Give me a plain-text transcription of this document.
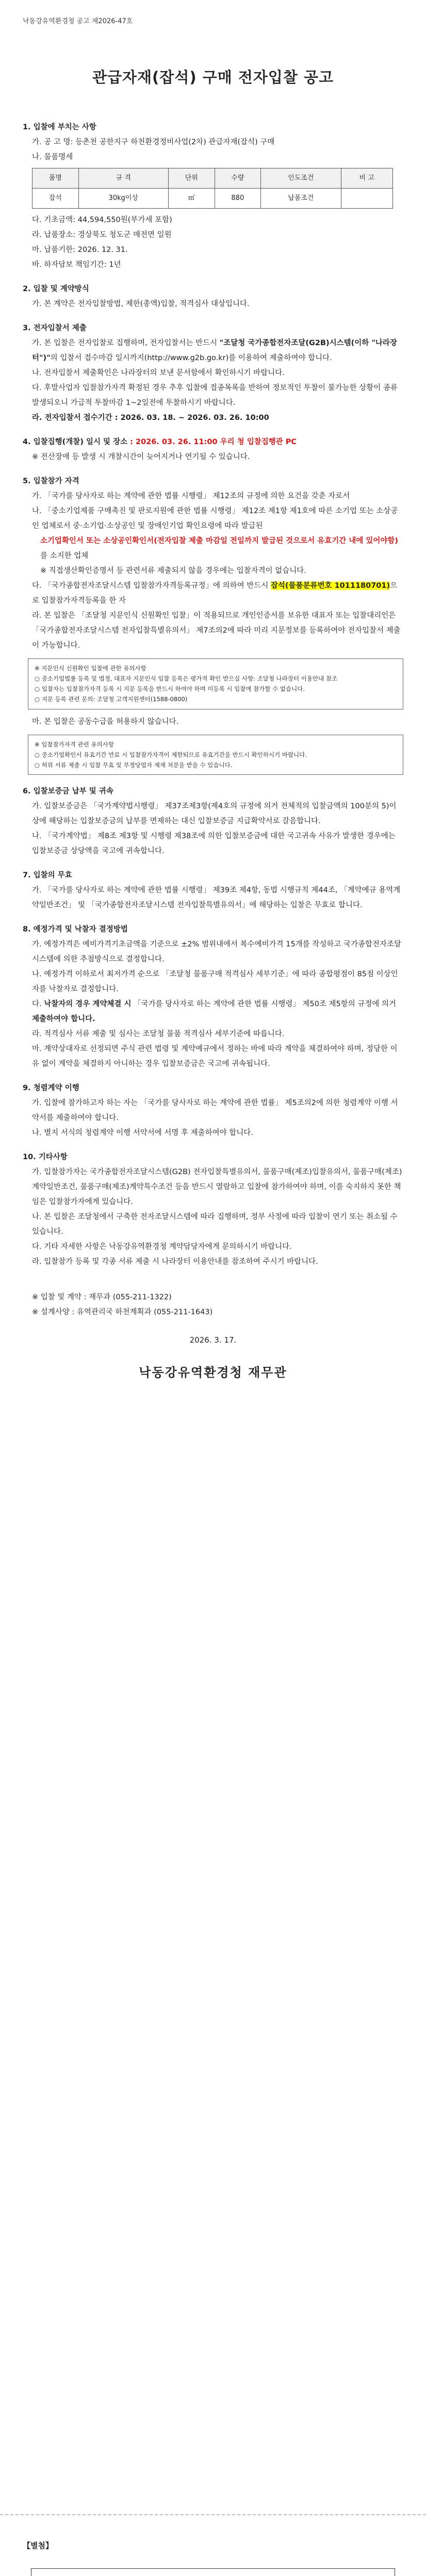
낙동강유역환경청 공고 제2026-47호
관급자재(잡석) 구매 전자입찰 공고
1. 입찰에 부치는 사항
가. 공 고 명: 등촌천 공한지구 하천환경정비사업(2차) 관급자재(잡석) 구매
나. 물품명세
품명	규 격	단위	수량	인도조건	비 고
잡석	30kg이상	㎥	880	납품조건	
다. 기초금액: 44,594,550원(부가세 포함)
라. 납품장소: 경상북도 청도군 매전면 일원
마. 납품기한: 2026. 12. 31.
바. 하자담보 책임기간: 1년
2. 입찰 및 계약방식
가. 본 계약은 전자입찰방법, 제한(총액)입찰, 적격심사 대상입니다.
3. 전자입찰서 제출
가. 본 입찰은 전자입찰로 집행하며, 전자입찰서는 반드시 "조달청 국가종합전자조달(G2B)시스템(이하 "나라장터")"의 입찰서 접수마감 일시까지(http://www.g2b.go.kr)를 이용하여 제출하여야 합니다.
나. 전자입찰서 제출확인은 나라장터의 보낸 문서함에서 확인하시기 바랍니다.
다. 후발사업자 입찰참가자격 확정된 경우 추후 입찰에 접종목록을 반하여 정보적인 투찰이 불가능한 상황이 종류 발생되오니 가급적 투찰마감 1~2일전에 투찰하시기 바랍니다.
라. 전자입찰서 접수기간 : 2026. 03. 18. ~ 2026. 03. 26. 10:00
4. 입찰집행(개찰) 일시 및 장소 : 2026. 03. 26. 11:00 우리 청 입찰집행관 PC
※ 전산장애 등 발생 시 개찰시간이 늦어지거나 연기될 수 있습니다.
5. 입찰참가 자격
가. 「국가를 당사자로 하는 계약에 관한 법률 시행령」 제12조의 규정에 의한 요건을 갖춘 자로서
나. 「중소기업제품 구매촉진 및 판로지원에 관한 법률 시행령」 제12조 제1항 제1호에 따른 소기업 또는 소상공인 업체로서 중·소기업·소상공인 및 장애인기업 확인요령에 따라 발급된
소기업확인서 또는 소상공인확인서(전자입찰 제출 마감일 전일까지 발급된 것으로서 유효기간 내에 있어야함)를 소지한 업체
※ 직접생산확인증명서 등 관련서류 제출되지 않을 경우에는 입찰자격이 없습니다.
다. 「국가종합전자조달시스템 입찰참가자격등록규정」에 의하여 반드시 잡석(물품분류번호 1011180701)으로 입찰참가자격등록을 한 자
라. 본 입찰은 「조달청 지문인식 신원확인 입찰」이 적용되므로 개인인증서를 보유한 대표자 또는 입찰대리인은 「국가종합전자조달시스템 전자입찰특별유의서」 제7조의2에 따라 미리 지문정보를 등록하여야 전자입찰서 제출이 가능합니다.
※ 지문인식 신원확인 입찰에 관한 유의사항
○ 중소기업법률 등록 및 법정, 대표자 지문인식 입찰 등록은 평가적 확인 받으실 사항: 조달청 나라장터 이용안내 참조
○ 입찰자는 입찰참가자격 등록 시 지문 등록을 반드시 하여야 하며 미등록 시 입찰에 참가할 수 없습니다.
○ 지문 등록 관련 문의: 조달청 고객지원센터(1588-0800)
마. 본 입찰은 공동수급을 허용하지 않습니다.
※ 입찰참가자격 관련 유의사항
○ 중소기업확인서 유효기간 만료 시 입찰참가자격이 제한되므로 유효기간을 반드시 확인하시기 바랍니다.
○ 허위 서류 제출 시 입찰 무효 및 부정당업자 제재 처분을 받을 수 있습니다.
6. 입찰보증금 납부 및 귀속
가. 입찰보증금은 「국가계약법시행령」 제37조제3항(제4호의 규정에 의거 전체적의 입찰금액의 100분의 5)이상에 해당하는 입찰보증금의 납부를 면제하는 대신 입찰보증금 지급확약서로 갈음합니다.
나. 「국가계약법」 제8조 제3항 및 시행령 제38조에 의한 입찰보증금에 대한 국고귀속 사유가 발생한 경우에는 입찰보증금 상당액을 국고에 귀속합니다.
7. 입찰의 무효
가. 「국가를 당사자로 하는 계약에 관한 법률 시행령」 제39조 제4항, 동법 시행규칙 제44조, 「계약예규 용역계약일반조건」 및 「국가종합전자조달시스템 전자입찰특별유의서」에 해당하는 입찰은 무효로 합니다.
8. 예정가격 및 낙찰자 결정방법
가. 예정가격은 예비가격기초금액을 기준으로 ±2% 범위내에서 복수예비가격 15개를 작성하고 국가종합전자조달시스템에 의한 추첨방식으로 결정합니다.
나. 예정가격 이하로서 최저가격 순으로 「조달청 물품구매 적격심사 세부기준」에 따라 종합평점이 85점 이상인 자를 낙찰자로 결정합니다.
다. 낙찰자의 경우 계약체결 시 「국가를 당사자로 하는 계약에 관한 법률 시행령」 제50조 제5항의 규정에 의거 제출하여야 합니다.
라. 적격심사 서류 제출 및 심사는 조달청 물품 적격심사 세부기준에 따릅니다.
마. 계약상대자로 선정되면 주식 관련 법령 및 계약예규에서 정하는 바에 따라 계약을 체결하여야 하며, 정당한 이유 없이 계약을 체결하지 아니하는 경우 입찰보증금은 국고에 귀속됩니다.
9. 청렴계약 이행
가. 입찰에 참가하고자 하는 자는 「국가를 당사자로 하는 계약에 관한 법률」 제5조의2에 의한 청렴계약 이행 서약서를 제출하여야 합니다.
나. 별지 서식의 청렴계약 이행 서약서에 서명 후 제출하여야 합니다.
10. 기타사항
가. 입찰참가자는 국가종합전자조달시스템(G2B) 전자입찰특별유의서, 물품구매(제조)입찰유의서, 물품구매(제조)계약일반조건, 물품구매(제조)계약특수조건 등을 반드시 열람하고 입찰에 참가하여야 하며, 이를 숙지하지 못한 책임은 입찰참가자에게 있습니다.
나. 본 입찰은 조달청에서 구축한 전자조달시스템에 따라 집행하며, 정부 사정에 따라 입찰이 연기 또는 취소될 수 있습니다.
다. 기타 자세한 사항은 낙동강유역환경청 계약담당자에게 문의하시기 바랍니다.
라. 입찰참가 등록 및 각종 서류 제출 시 나라장터 이용안내를 참조하여 주시기 바랍니다.
※ 입찰 및 계약 : 재무과 (055-211-1322)
※ 설계사양 : 유역관리국 하천계획과 (055-211-1643)
2026. 3. 17.
낙동강유역환경청 재무관
【별첨】
